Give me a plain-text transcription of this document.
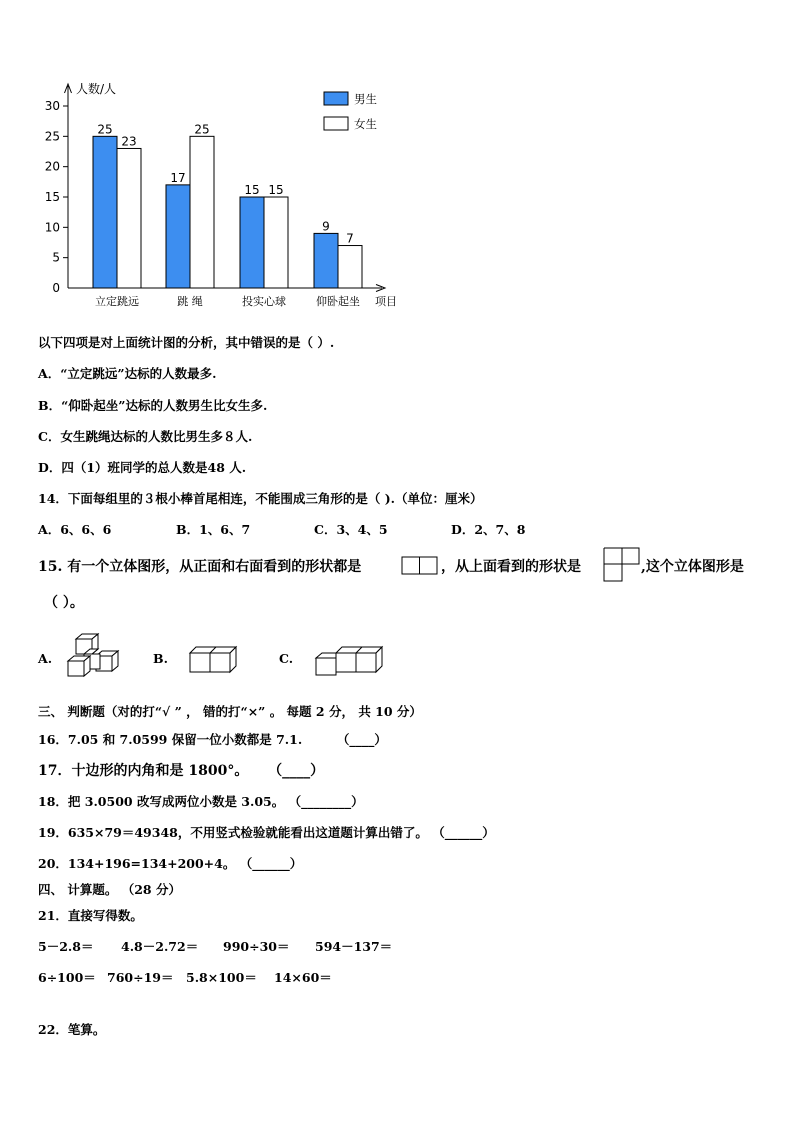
人数/人
项目
0
5
10
15
20
25
30
25
23
立定跳远
17
25
跳 绳
15 15
投实心球
9
7
仰卧起坐
男生
女生
以下四项是对上面统计图的分析，其中错误的是（ ）.
A．“立定跳远”达标的人数最多.
B．“仰卧起坐”达标的人数男生比女生多.
C．女生跳绳达标的人数比男生多８人.
D．四（1）班同学的总人数是48 人.
14．下面每组里的３根小棒首尾相连，不能围成三角形的是（ ).（单位：厘米）
A．6、6、6	B．1、6、7	C．3、4、5	D．2、7、8
15. 有一个立体图形，从正面和右面看到的形状都是	，从上面看到的形状是	,这个立体图形是
（ ）。
A.	B.	C.
三、 判断题（对的打“√ ” ， 错的打“×” 。 每题 2 分， 共 10 分）
16．7.05 和 7.0599 保留一位小数都是 7.1.	（____）
17．十边形的内角和是 1800°。 （____）
18．把 3.0500 改写成两位小数是 3.05。 （________）
19．635×79＝49348，不用竖式检验就能看出这道题计算出错了。 （______）
20．134+196=134+200+4。 （______）
四、 计算题。 （28 分）
21．直接写得数。
5－2.8＝ 4.8－2.72＝ 990÷30＝ 594－137＝
6÷100＝ 760÷19＝ 5.8×100＝ 14×60＝
22．笔算。
